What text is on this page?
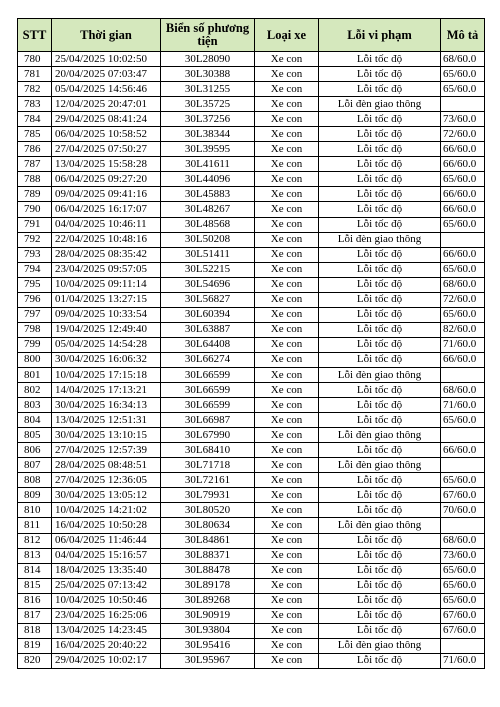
STT	Thời gian	Biển số phương tiện	Loại xe	Lỗi vi phạm	Mô tả
780	25/04/2025 10:02:50	30L28090	Xe con	Lỗi tốc độ	68/60.0
781	20/04/2025 07:03:47	30L30388	Xe con	Lỗi tốc độ	65/60.0
782	05/04/2025 14:56:46	30L31255	Xe con	Lỗi tốc độ	65/60.0
783	12/04/2025 20:47:01	30L35725	Xe con	Lỗi đèn giao thông	
784	29/04/2025 08:41:24	30L37256	Xe con	Lỗi tốc độ	73/60.0
785	06/04/2025 10:58:52	30L38344	Xe con	Lỗi tốc độ	72/60.0
786	27/04/2025 07:50:27	30L39595	Xe con	Lỗi tốc độ	66/60.0
787	13/04/2025 15:58:28	30L41611	Xe con	Lỗi tốc độ	66/60.0
788	06/04/2025 09:27:20	30L44096	Xe con	Lỗi tốc độ	65/60.0
789	09/04/2025 09:41:16	30L45883	Xe con	Lỗi tốc độ	66/60.0
790	06/04/2025 16:17:07	30L48267	Xe con	Lỗi tốc độ	66/60.0
791	04/04/2025 10:46:11	30L48568	Xe con	Lỗi tốc độ	65/60.0
792	22/04/2025 10:48:16	30L50208	Xe con	Lỗi đèn giao thông	
793	28/04/2025 08:35:42	30L51411	Xe con	Lỗi tốc độ	66/60.0
794	23/04/2025 09:57:05	30L52215	Xe con	Lỗi tốc độ	65/60.0
795	10/04/2025 09:11:14	30L54696	Xe con	Lỗi tốc độ	68/60.0
796	01/04/2025 13:27:15	30L56827	Xe con	Lỗi tốc độ	72/60.0
797	09/04/2025 10:33:54	30L60394	Xe con	Lỗi tốc độ	65/60.0
798	19/04/2025 12:49:40	30L63887	Xe con	Lỗi tốc độ	82/60.0
799	05/04/2025 14:54:28	30L64408	Xe con	Lỗi tốc độ	71/60.0
800	30/04/2025 16:06:32	30L66274	Xe con	Lỗi tốc độ	66/60.0
801	10/04/2025 17:15:18	30L66599	Xe con	Lỗi đèn giao thông	
802	14/04/2025 17:13:21	30L66599	Xe con	Lỗi tốc độ	68/60.0
803	30/04/2025 16:34:13	30L66599	Xe con	Lỗi tốc độ	71/60.0
804	13/04/2025 12:51:31	30L66987	Xe con	Lỗi tốc độ	65/60.0
805	30/04/2025 13:10:15	30L67990	Xe con	Lỗi đèn giao thông	
806	27/04/2025 12:57:39	30L68410	Xe con	Lỗi tốc độ	66/60.0
807	28/04/2025 08:48:51	30L71718	Xe con	Lỗi đèn giao thông	
808	27/04/2025 12:36:05	30L72161	Xe con	Lỗi tốc độ	65/60.0
809	30/04/2025 13:05:12	30L79931	Xe con	Lỗi tốc độ	67/60.0
810	10/04/2025 14:21:02	30L80520	Xe con	Lỗi tốc độ	70/60.0
811	16/04/2025 10:50:28	30L80634	Xe con	Lỗi đèn giao thông	
812	06/04/2025 11:46:44	30L84861	Xe con	Lỗi tốc độ	68/60.0
813	04/04/2025 15:16:57	30L88371	Xe con	Lỗi tốc độ	73/60.0
814	18/04/2025 13:35:40	30L88478	Xe con	Lỗi tốc độ	65/60.0
815	25/04/2025 07:13:42	30L89178	Xe con	Lỗi tốc độ	65/60.0
816	10/04/2025 10:50:46	30L89268	Xe con	Lỗi tốc độ	65/60.0
817	23/04/2025 16:25:06	30L90919	Xe con	Lỗi tốc độ	67/60.0
818	13/04/2025 14:23:45	30L93804	Xe con	Lỗi tốc độ	67/60.0
819	16/04/2025 20:40:22	30L95416	Xe con	Lỗi đèn giao thông	
820	29/04/2025 10:02:17	30L95967	Xe con	Lỗi tốc độ	71/60.0
